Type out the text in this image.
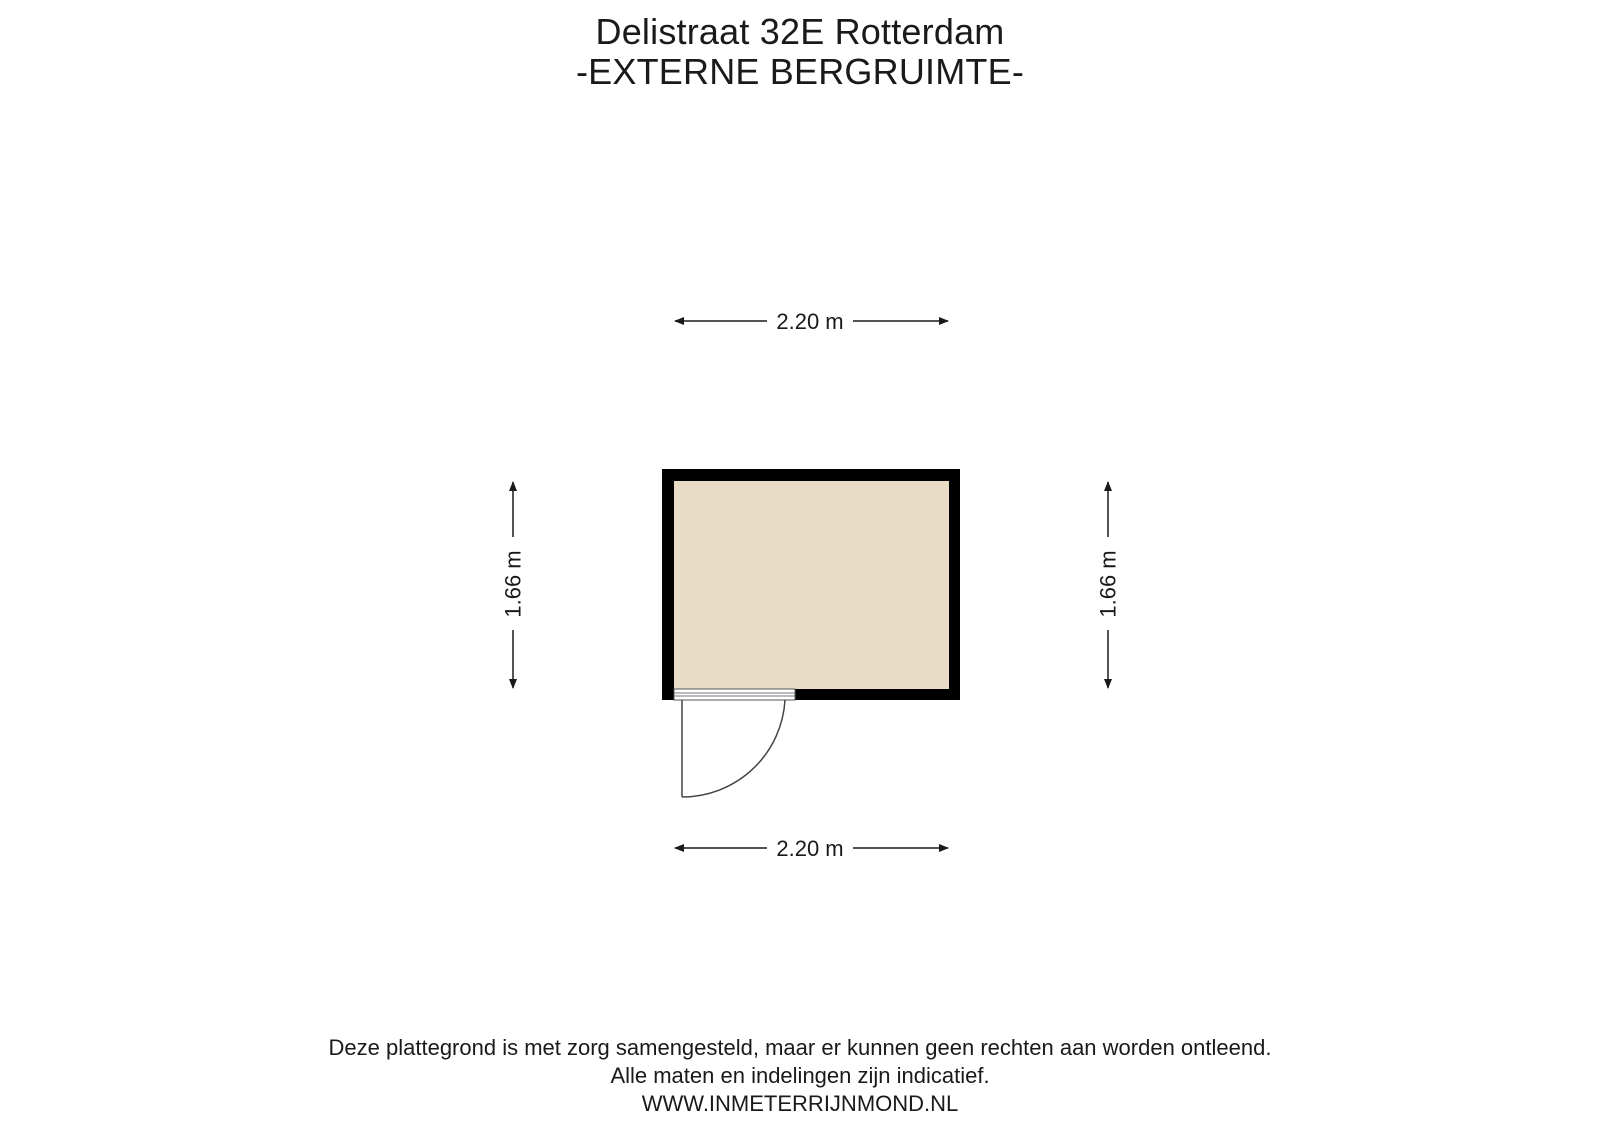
Delistraat 32E Rotterdam
-EXTERNE BERGRUIMTE-
2.20 m
2.20 m
1.66 m	1.66 m
Deze plattegrond is met zorg samengesteld, maar er kunnen geen rechten aan worden ontleend.
Alle maten en indelingen zijn indicatief.
WWW.INMETERRIJNMOND.NL
